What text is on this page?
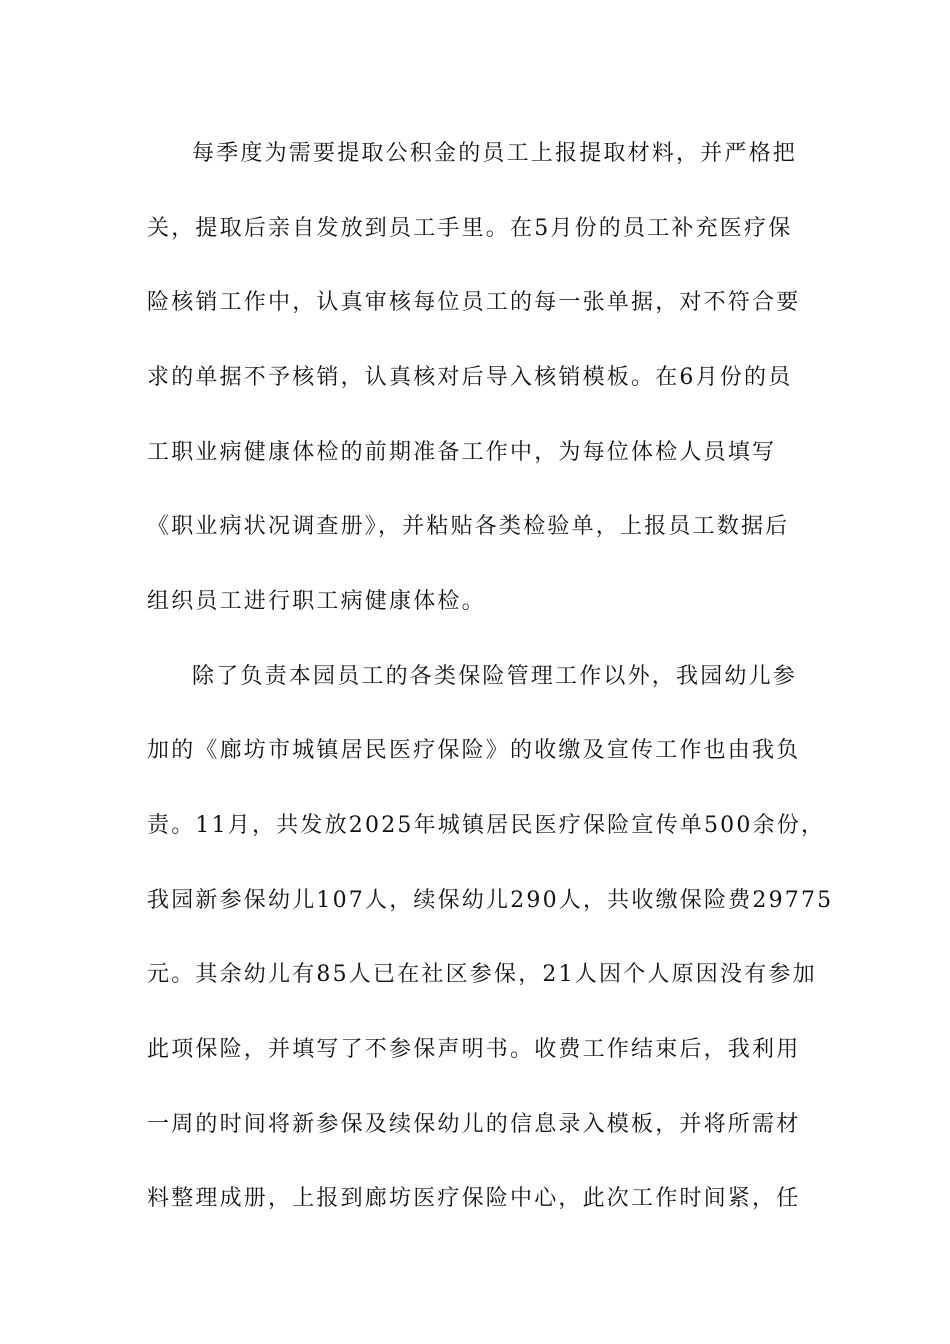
每季度为需要提取公积金的员工上报提取材料，并严格把
关，提取后亲自发放到员工手里。在5月份的员工补充医疗保
险核销工作中，认真审核每位员工的每一张单据，对不符合要
求的单据不予核销，认真核对后导入核销模板。在6月份的员
工职业病健康体检的前期准备工作中，为每位体检人员填写
《职业病状况调查册》，并粘贴各类检验单，上报员工数据后
组织员工进行职工病健康体检。
除了负责本园员工的各类保险管理工作以外，我园幼儿参
加的《廊坊市城镇居民医疗保险》的收缴及宣传工作也由我负
责。11月，共发放2025年城镇居民医疗保险宣传单500余份，
我园新参保幼儿107人，续保幼儿290人，共收缴保险费29775
元。其余幼儿有85人已在社区参保，21人因个人原因没有参加
此项保险，并填写了不参保声明书。收费工作结束后，我利用
一周的时间将新参保及续保幼儿的信息录入模板，并将所需材
料整理成册，上报到廊坊医疗保险中心，此次工作时间紧，任
